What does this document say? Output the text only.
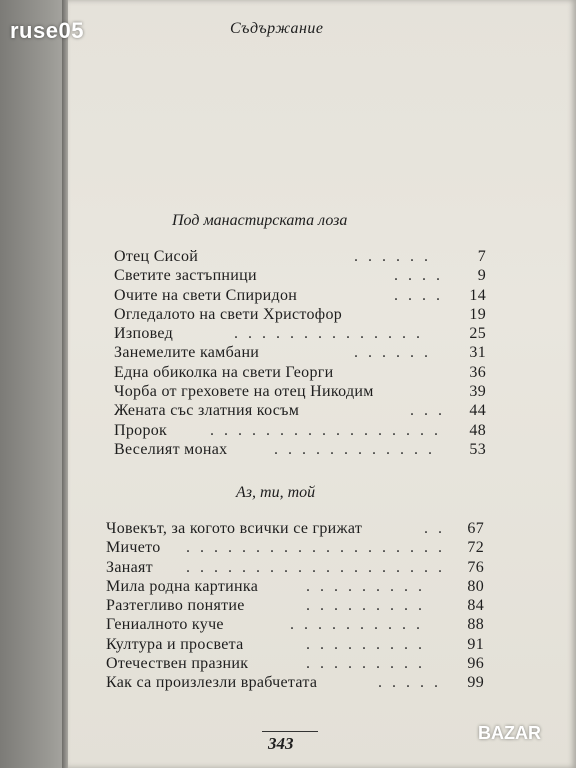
ruse05	Съдържание
Под манастирската лоза
Отец Сисой	. . . . . .	7
Светите застъпници	. . . . 9
Очите на свети Спиридон	. . . . 14
Огледалото на свети Христофор	19
Изповед	. . . . . . . . . . . . . .	25
Занемелите камбани	. . . . . . 31
Една обиколка на свети Георги	36
Чорба от греховете на отец Никодим	39
Жената със златния косъм	. . . 44
Пророк	. . . . . . . . . . . . . . . . . 48
Веселият монах	. . . . . . . . . . . . 53
Аз, ти, той
Човекът, за когото всички се грижат	. . 67
Мичето . . . . . . . . . . . . . . . . . . . 72
Занаят . . . . . . . . . . . . . . . . . . . 76
Мила родна картинка	. . . . . . . . .	80
Разтегливо понятие	. . . . . . . . .	84
Гениалното куче	. . . . . . . . . .	88
Култура и просвета	. . . . . . . . .	91
Отечествен празник	. . . . . . . . .	96
Как са произлезли врабчетата	. . . . . 99
343
BAZAR
